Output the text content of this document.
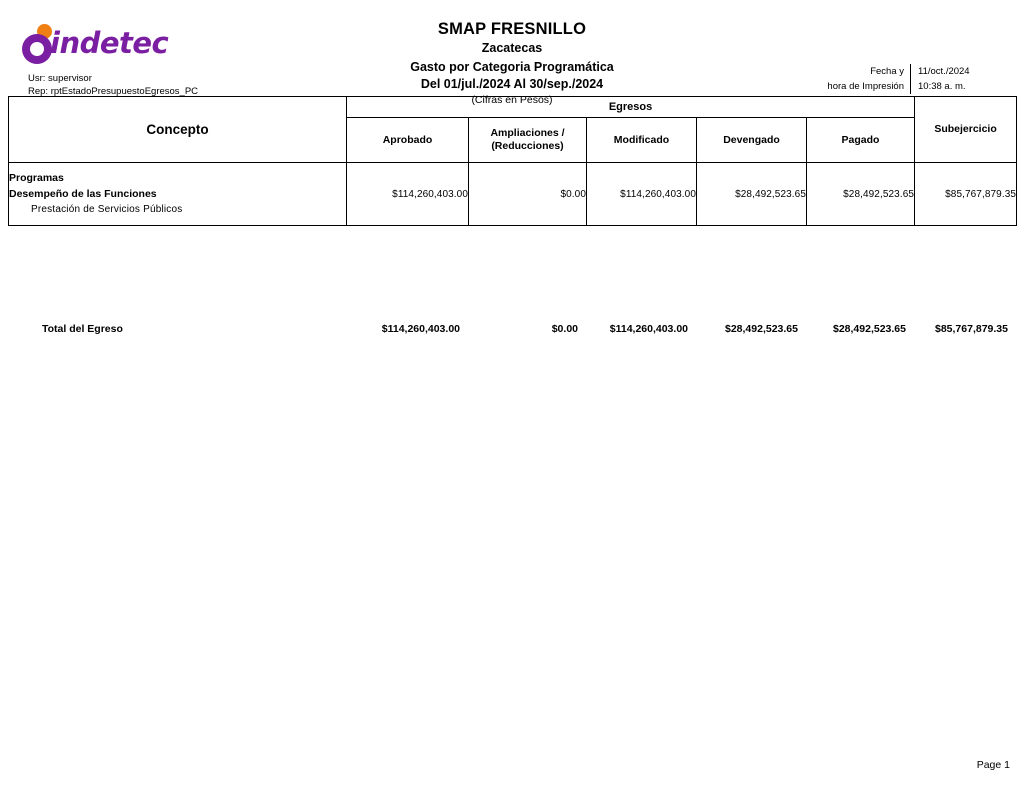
indetec
Usr: supervisor
Rep: rptEstadoPresupuestoEgresos_PC
SMAP FRESNILLO
Zacatecas
Gasto por Categoria Programática
Del 01/jul./2024 Al 30/sep./2024
(Cifras en Pesos)
Fecha y	11/oct./2024
hora de Impresión	10:38 a. m.
Concepto	Egresos					Subejercicio
	Aprobado	Ampliaciones /
(Reducciones)	Modificado	Devengado	Pagado	

Programas
Desempeño de las Funciones
Prestación de Servicios Públicos	$114,260,403.00	$0.00	$114,260,403.00	$28,492,523.65	$28,492,523.65	$85,767,879.35
Total del Egreso	$114,260,403.00	$0.00	$114,260,403.00	$28,492,523.65	$28,492,523.65	$85,767,879.35
Page 1
